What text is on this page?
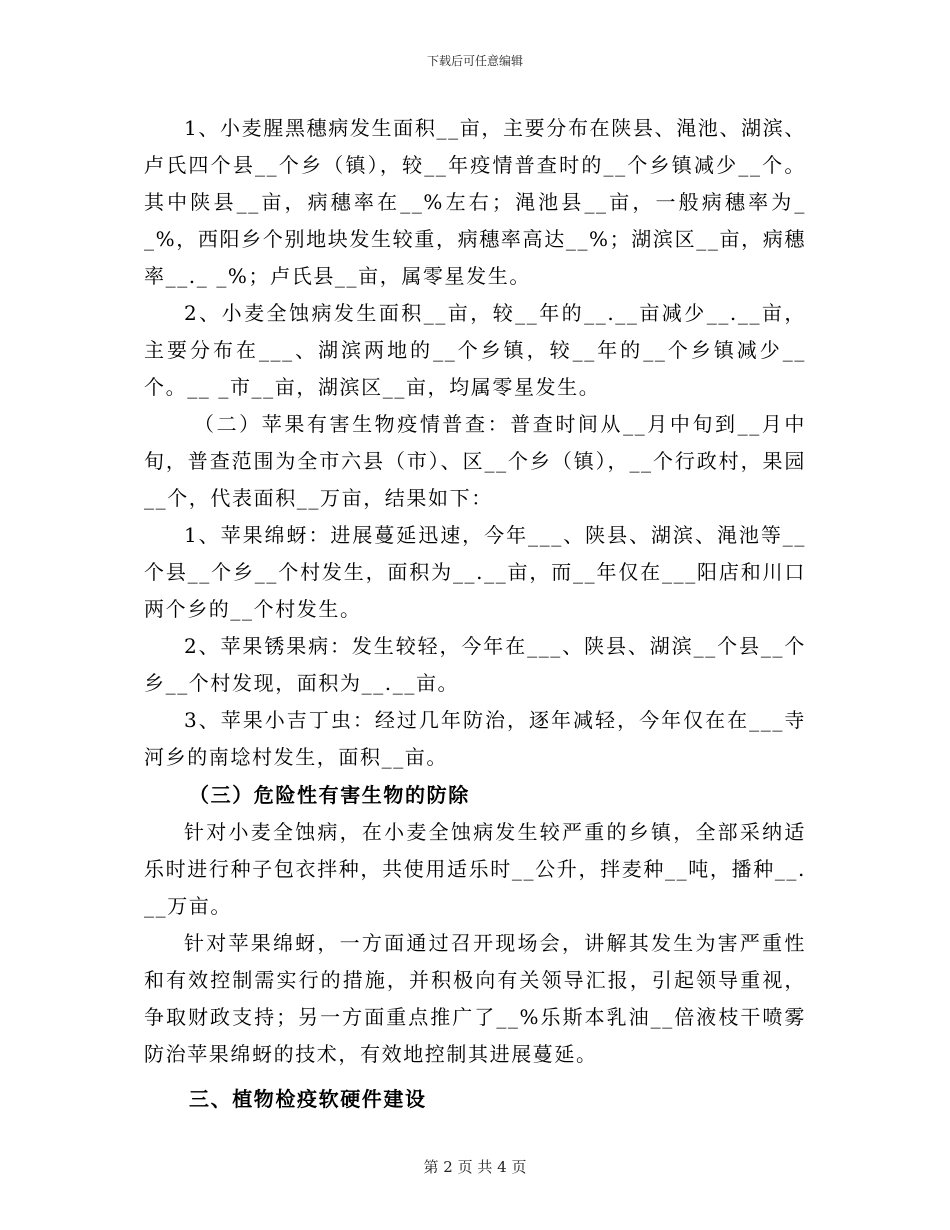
下载后可任意编辑

1、小麦腥黑穗病发生面积__亩，主要分布在陕县、渑池、湖滨、卢氏四个县__个乡（镇），较__年疫情普查时的__个乡镇减少__个。其中陕县__亩，病穗率在__%左右；渑池县__亩，一般病穗率为__%，西阳乡个别地块发生较重，病穗率高达__%；湖滨区__亩，病穗率__._ _%；卢氏县__亩，属零星发生。

2、小麦全蚀病发生面积__亩，较__年的__.__亩减少__.__亩，主要分布在___、湖滨两地的__个乡镇，较__年的__个乡镇减少__个。__ _市__亩，湖滨区__亩，均属零星发生。

（二）苹果有害生物疫情普查：普查时间从__月中旬到__月中旬，普查范围为全市六县（市）、区__个乡（镇），__个行政村，果园__个，代表面积__万亩，结果如下：

1、苹果绵蚜：进展蔓延迅速，今年___、陕县、湖滨、渑池等__个县__个乡__个村发生，面积为__.__亩，而__年仅在___阳店和川口两个乡的__个村发生。

2、苹果锈果病：发生较轻，今年在___、陕县、湖滨__个县__个乡__个村发现，面积为__.__亩。

3、苹果小吉丁虫：经过几年防治，逐年减轻，今年仅在在___寺河乡的南埝村发生，面积__亩。

（三）危险性有害生物的防除

针对小麦全蚀病，在小麦全蚀病发生较严重的乡镇，全部采纳适乐时进行种子包衣拌种，共使用适乐时__公升，拌麦种__吨，播种__.__万亩。

针对苹果绵蚜，一方面通过召开现场会，讲解其发生为害严重性和有效控制需实行的措施，并积极向有关领导汇报，引起领导重视，争取财政支持；另一方面重点推广了__%乐斯本乳油__倍液枝干喷雾防治苹果绵蚜的技术，有效地控制其进展蔓延。

三、植物检疫软硬件建设

第 2 页 共 4 页
